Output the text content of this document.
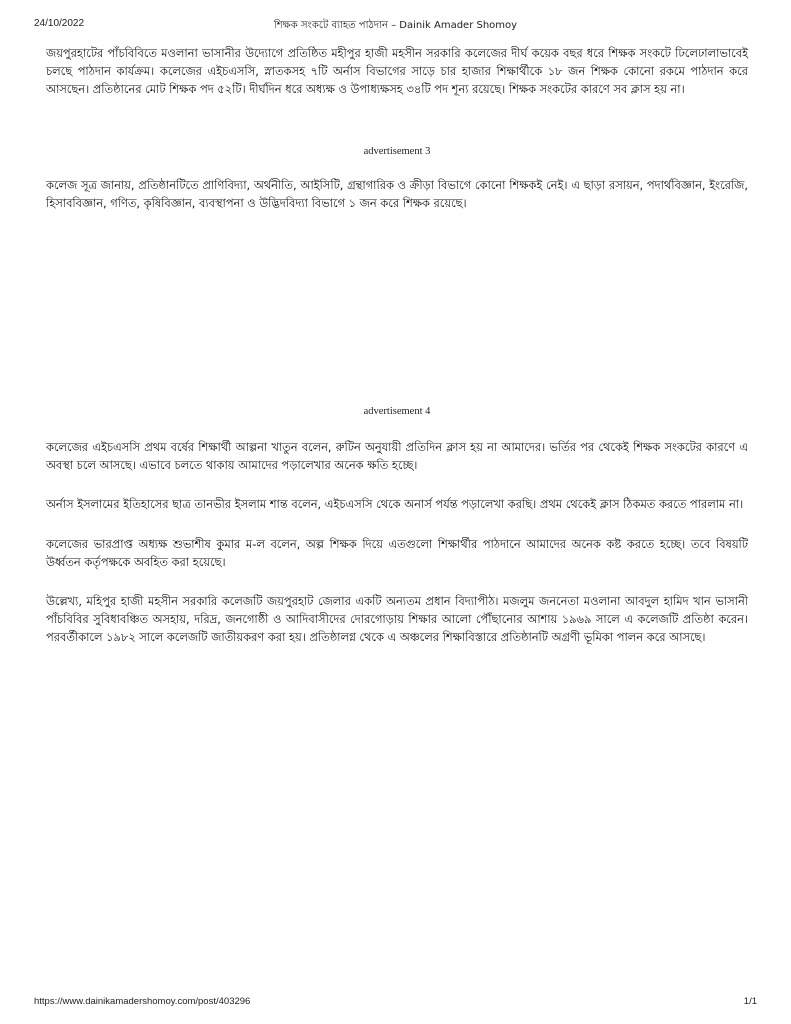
24/10/2022	শিক্ষক সংকটে ব্যাহত পাঠদান – Dainik Amader Shomoy

জয়পুরহাটের পাঁচবিবিতে মওলানা ভাসানীর উদ্যোগে প্রতিষ্ঠিত মহীপুর হাজী মহসীন সরকারি কলেজের দীর্ঘ কয়েক বছর ধরে শিক্ষক সংকটে ঢিলেঢালাভাবেই চলছে পাঠদান কার্যক্রম। কলেজের এইচএসসি, স্নাতকসহ ৭টি অর্নাস বিভাগের সাড়ে চার হাজার শিক্ষার্থীকে ১৮ জন শিক্ষক কোনো রকমে পাঠদান করে আসছেন। প্রতিষ্ঠানের মোট শিক্ষক পদ ৫২টি। দীর্ঘদিন ধরে অধ্যক্ষ ও উপাধ্যক্ষসহ ৩৪টি পদ শূন্য রয়েছে। শিক্ষক সংকটের কারণে সব ক্লাস হয় না।

advertisement 3

কলেজ সূত্র জানায়, প্রতিষ্ঠানটিতে প্রাণিবিদ্যা, অর্থনীতি, আইসিটি, গ্রন্থাগারিক ও ক্রীড়া বিভাগে কোনো শিক্ষকই নেই। এ ছাড়া রসায়ন, পদার্থবিজ্ঞান, ইংরেজি, হিসাববিজ্ঞান, গণিত, কৃষিবিজ্ঞান, ব্যবস্থাপনা ও উদ্ভিদবিদ্যা বিভাগে ১ জন করে শিক্ষক রয়েছে।

advertisement 4

কলেজের এইচএসসি প্রথম বর্ষের শিক্ষার্থী আল্পনা খাতুন বলেন, রুটিন অনুযায়ী প্রতিদিন ক্লাস হয় না আমাদের। ভর্তির পর থেকেই শিক্ষক সংকটের কারণে এ অবস্থা চলে আসছে। এভাবে চলতে থাকায় আমাদের পড়ালেখার অনেক ক্ষতি হচ্ছে।

অর্নাস ইসলামের ইতিহাসের ছাত্র তানভীর ইসলাম শান্ত বলেন, এইচএসসি থেকে অনার্স পর্যন্ত পড়ালেখা করছি। প্রথম থেকেই ক্লাস ঠিকমত করতে পারলাম না।

কলেজের ভারপ্রাপ্ত অধ্যক্ষ শুভাশীষ কুমার ম-ল বলেন, অল্প শিক্ষক দিয়ে এতগুলো শিক্ষার্থীর পাঠদানে আমাদের অনেক কষ্ট করতে হচ্ছে। তবে বিষয়টি উর্ধ্বতন কর্তৃপক্ষকে অবহিত করা হয়েছে।

উল্লেখ্য, মহিপুর হাজী মহসীন সরকারি কলেজটি জয়পুরহাট জেলার একটি অন্যতম প্রধান বিদ্যাপীঠ। মজলুম জননেতা মওলানা আবদুল হামিদ খান ভাসানী পাঁচবিবির সুবিধাবঞ্চিত অসহায়, দরিদ্র, জনগোষ্ঠী ও আদিবাসীদের দোরগোড়ায় শিক্ষার আলো পৌঁছানোর আশায় ১৯৬৯ সালে এ কলেজটি প্রতিষ্ঠা করেন। পরবর্তীকালে ১৯৮২ সালে কলেজটি জাতীয়করণ করা হয়। প্রতিষ্ঠালগ্ন থেকে এ অঞ্চলের শিক্ষাবিস্তারে প্রতিষ্ঠানটি অগ্রণী ভূমিকা পালন করে আসছে।

https://www.dainikamadershomoy.com/post/403296	1/1
